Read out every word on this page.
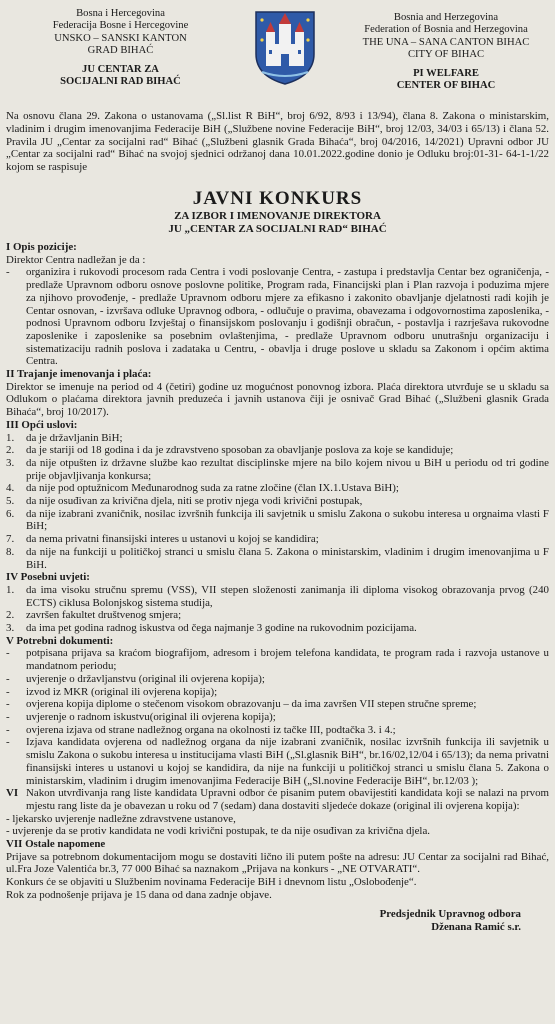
Bosna i Hercegovina
Federacija Bosne i Hercegovine
UNSKO – SANSKI KANTON
GRAD BIHAĆ
JU CENTAR ZA
SOCIJALNI RAD BIHAĆ
Bosnia and Herzegovina
Federation of Bosnia and Herzegovina
THE UNA – SANA CANTON BIHAC
CITY OF BIHAC
PI WELFARE
CENTER OF BIHAC
Na osnovu člana 29. Zakona o ustanovama („Sl.list R BiH“, broj 6/92, 8/93 i 13/94), člana 8. Zakona o ministarskim, vladinim i drugim imenovanjima Federacije BiH („Službene novine Federacije BiH“, broj 12/03, 34/03 i 65/13) i člana 52. Pravila JU „Centar za socijalni rad“ Bihać („Službeni glasnik Grada Bihaća“, broj 04/2016, 14/2021) Upravni odbor JU „Centar za socijalni rad“ Bihać na svojoj sjednici održanoj dana 10.01.2022.godine donio je Odluku broj:01-31- 64-1-1/22 kojom se raspisuje
JAVNI KONKURS
ZA IZBOR I IMENOVANJE DIREKTORA
JU „CENTAR ZA SOCIJALNI RAD“ BIHAĆ
I Opis pozicije:
Direktor Centra nadležan je da :
-	organizira i rukovodi procesom rada Centra i vodi poslovanje Centra, - zastupa i predstavlja Centar bez ograničenja, - predlaže Upravnom odboru osnove poslovne politike, Program rada, Financijski plan i Plan razvoja i poduzima mjere za njihovo provođenje, - predlaže Upravnom odboru mjere za efikasno i zakonito obavljanje djelatnosti radi kojih je Centar osnovan, - izvršava odluke Upravnog odbora, - odlučuje o pravima, obavezama i odgovornostima zaposlenika, - podnosi Upravnom odboru Izvještaj o finansijskom poslovanju i godišnji obračun, - postavlja i razrješava rukovodne zaposlenike i zaposlenike sa posebnim ovlaštenjima, - predlaže Upravnom odboru unutrašnju organizaciju i sistematizaciju radnih poslova i zadataka u Centru, - obavlja i druge poslove u skladu sa Zakonom i općim aktima Centra.
II Trajanje imenovanja i plaća:
Direktor se imenuje na period od 4 (četiri) godine uz mogućnost ponovnog izbora. Plaća direktora utvrđuje se u skladu sa Odlukom o plaćama direktora javnih preduzeća i javnih ustanova čiji je osnivač Grad Bihać („Službeni glasnik Grada Bihaća“, broj 10/2017).
III Opći uslovi:
1.	da je državljanin BiH;
2.	da je stariji od 18 godina i da je zdravstveno sposoban za obavljanje poslova za koje se kandiduje;
3.	da nije otpušten iz državne službe kao rezultat disciplinske mjere na bilo kojem nivou u BiH u periodu od tri godine prije objavljivanja konkursa;
4.	da nije pod optužnicom Međunarodnog suda za ratne zločine (član IX.1.Ustava BiH);
5.	da nije osuđivan za krivična djela, niti se protiv njega vodi krivični postupak,
6.	da nije izabrani zvaničnik, nosilac izvršnih funkcija ili savjetnik u smislu Zakona o sukobu interesa u orgnaima vlasti F BiH;
7.	da nema privatni finansijski interes u ustanovi u kojoj se kandidira;
8.	da nije na funkciji u političkoj stranci u smislu člana 5. Zakona o ministarskim, vladinim i drugim imenovanjima u F BiH.
IV Posebni uvjeti:
1.	da ima visoku stručnu spremu (VSS), VII stepen složenosti zanimanja ili diploma visokog obrazovanja prvog (240 ECTS) ciklusa Bolonjskog sistema studija,
2.	završen fakultet društvenog smjera;
3.	da ima pet godina radnog iskustva od čega najmanje 3 godine na rukovodnim pozicijama.
V Potrebni dokumenti:
-	potpisana prijava sa kraćom biografijom, adresom i brojem telefona kandidata, te program rada i razvoja ustanove u mandatnom periodu;
-	uvjerenje o državljanstvu (original ili ovjerena kopija);
-	izvod iz MKR (original ili ovjerena kopija);
-	ovjerena kopija diplome o stečenom visokom obrazovanju – da ima završen VII stepen stručne spreme;
-	uvjerenje o radnom iskustvu(original ili ovjerena kopija);
-	ovjerena izjava od strane nadležnog organa na okolnosti iz tačke III, podtačka 3. i 4.;
-	Izjava kandidata ovjerena od nadležnog organa da nije izabrani zvaničnik, nosilac izvršnih funkcija ili savjetnik u smislu Zakona o sukobu interesa u institucijama vlasti BiH („Sl.glasnik BiH“, br.16/02,12/04 i 65/13); da nema privatni finansijski interes u ustanovi u kojoj se kandidira, da nije na funkciji u političkoj stranci u smislu člana 5. Zakona o ministarskim, vladinim i drugim imenovanjima Federacije BiH („Sl.novine Federacije BiH“, br.12/03 );
VI Nakon utvrđivanja rang liste kandidata Upravni odbor će pisanim putem obavijestiti kandidata koji se nalazi na prvom mjestu rang liste da je obavezan u roku od 7 (sedam) dana dostaviti sljedeće dokaze (original ili ovjerena kopija):
- ljekarsko uvjerenje nadležne zdravstvene ustanove,
- uvjerenje da se protiv kandidata ne vodi krivični postupak, te da nije osuđivan za krivična djela.
VII Ostale napomene
Prijave sa potrebnom dokumentacijom mogu se dostaviti lično ili putem pošte na adresu: JU Centar za socijalni rad Bihać, ul.Fra Joze Valentića br.3, 77 000 Bihać sa naznakom „Prijava na konkurs - „NE OTVARATI“.
Konkurs će se objaviti u Službenim novinama Federacije BiH i dnevnom listu „Oslobođenje“.
Rok za podnošenje prijava je 15 dana od dana zadnje objave.
Predsjednik Upravnog odbora
Dženana Ramić s.r.
